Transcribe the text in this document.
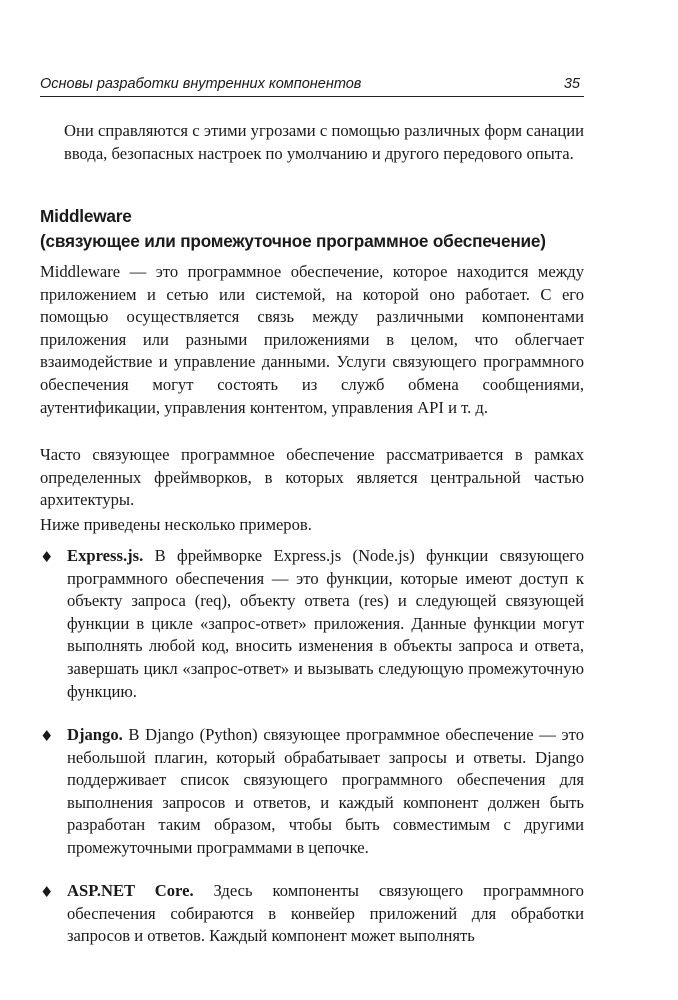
Основы разработки внутренних компонентов	35

Они справляются с этими угрозами с помощью различных форм санации ввода, безопасных настроек по умолчанию и другого передового опыта.

Middleware
(связующее или промежуточное программное обеспечение)

Middleware — это программное обеспечение, которое находится между приложением и сетью или системой, на которой оно работает. С его помощью осуществляется связь между различными компонентами приложения или разными приложениями в целом, что облегчает взаимодействие и управление данными. Услуги связующего программного обеспечения могут состоять из служб обмена сообщениями, аутентификации, управления контентом, управления API и т. д.

Часто связующее программное обеспечение рассматривается в рамках определенных фреймворков, в которых является центральной частью архитектуры.

Ниже приведены несколько примеров.

♦ Express.js. В фреймворке Express.js (Node.js) функции связующего программного обеспечения — это функции, которые имеют доступ к объекту запроса (req), объекту ответа (res) и следующей связующей функции в цикле «запрос-ответ» приложения. Данные функции могут выполнять любой код, вносить изменения в объекты запроса и ответа, завершать цикл «запрос-ответ» и вызывать следующую промежуточную функцию.

♦ Django. В Django (Python) связующее программное обеспечение — это небольшой плагин, который обрабатывает запросы и ответы. Django поддерживает список связующего программного обеспечения для выполнения запросов и ответов, и каждый компонент должен быть разработан таким образом, чтобы быть совместимым с другими промежуточными программами в цепочке.

♦ ASP.NET Core. Здесь компоненты связующего программного обеспечения собираются в конвейер приложений для обработки запросов и ответов. Каждый компонент может выполнять
